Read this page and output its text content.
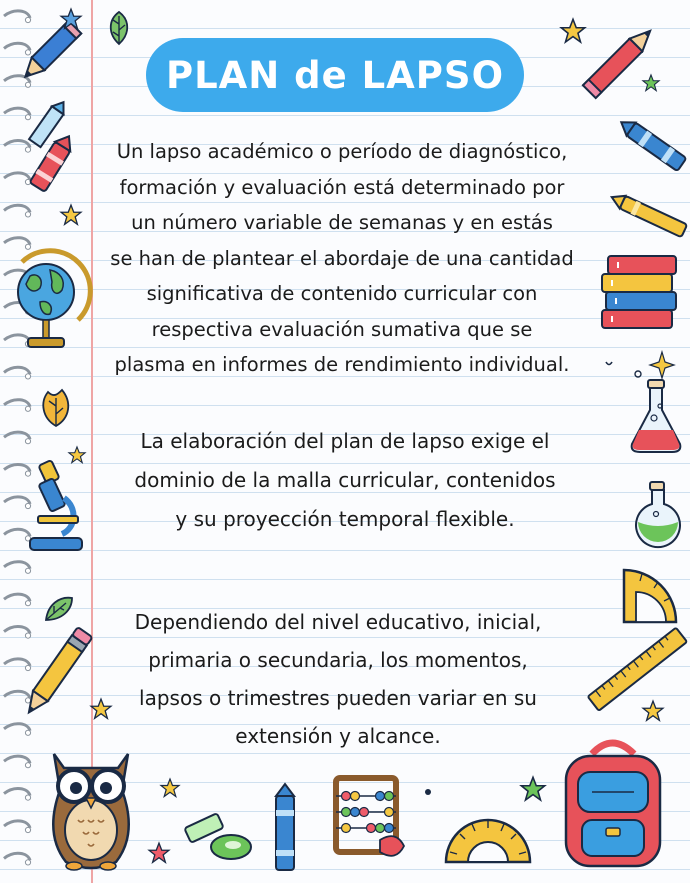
PLAN de LAPSO

Un lapso académico o período de diagnóstico,
formación y evaluación está determinado por
un número variable de semanas y en estás
se han de plantear el abordaje de una cantidad
significativa de contenido curricular con
respectiva evaluación sumativa que se
plasma en informes de rendimiento individual.

La elaboración del plan de lapso exige el
dominio de la malla curricular, contenidos
y su proyección temporal flexible.

Dependiendo del nivel educativo, inicial,
primaria o secundaria, los momentos,
lapsos o trimestres pueden variar en su
extensión y alcance.
